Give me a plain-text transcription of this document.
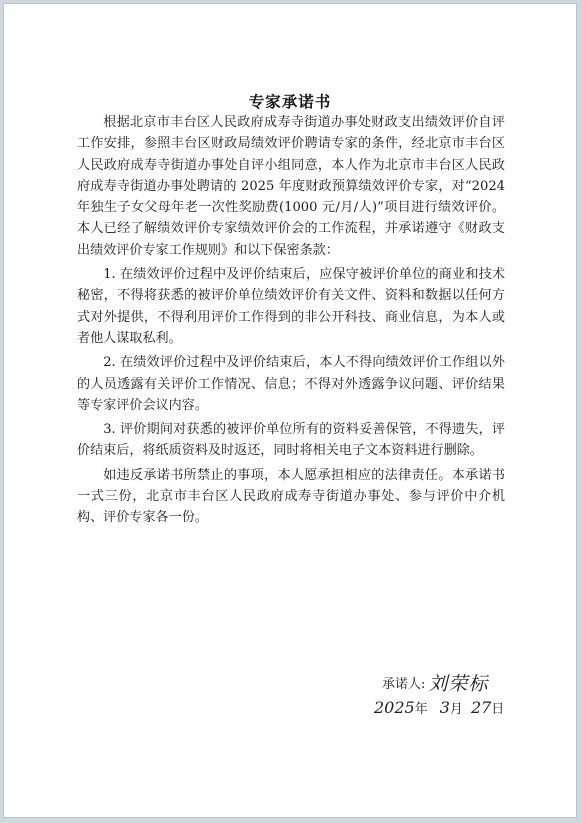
专家承诺书

根据北京市丰台区人民政府成寿寺街道办事处财政支出绩效评价自评工作安排，参照丰台区财政局绩效评价聘请专家的条件，经北京市丰台区人民政府成寿寺街道办事处自评小组同意，本人作为北京市丰台区人民政府成寿寺街道办事处聘请的 2025 年度财政预算绩效评价专家，对“2024 年独生子女父母年老一次性奖励费(1000 元/月/人)”项目进行绩效评价。本人已经了解绩效评价专家绩效评价会的工作流程，并承诺遵守《财政支出绩效评价专家工作规则》和以下保密条款：

1. 在绩效评价过程中及评价结束后，应保守被评价单位的商业和技术秘密，不得将获悉的被评价单位绩效评价有关文件、资料和数据以任何方式对外提供，不得利用评价工作得到的非公开科技、商业信息，为本人或者他人谋取私利。

2. 在绩效评价过程中及评价结束后，本人不得向绩效评价工作组以外的人员透露有关评价工作情况、信息；不得对外透露争议问题、评价结果等专家评价会议内容。

3. 评价期间对获悉的被评价单位所有的资料妥善保管，不得遗失，评价结束后，将纸质资料及时返还，同时将相关电子文本资料进行删除。

如违反承诺书所禁止的事项，本人愿承担相应的法律责任。本承诺书一式三份，北京市丰台区人民政府成寿寺街道办事处、参与评价中介机构、评价专家各一份。

承诺人: 刘荣标
2025 年 3 月 27 日
